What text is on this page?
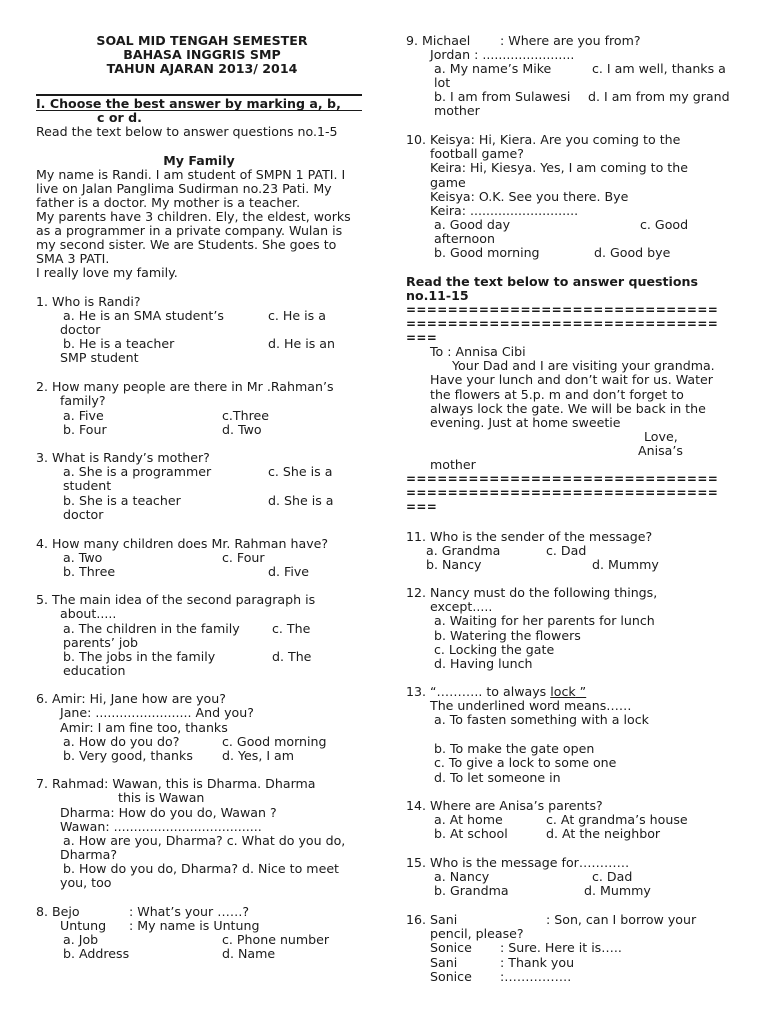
SOAL MID TENGAH SEMESTER
BAHASA INGGRIS SMP
TAHUN AJARAN 2013/ 2014
I. Choose the best answer by marking a, b,
c or d.
Read the text below to answer questions no.1-5
My Family
My name is Randi. I am student of SMPN 1 PATI. I
live on Jalan Panglima Sudirman no.23 Pati. My
father is a doctor. My mother is a teacher.
My parents have 3 children. Ely, the eldest, works
as a programmer in a private company. Wulan is
my second sister. We are Students. She goes to
SMA 3 PATI.
I really love my family.
1. Who is Randi?
a. He is an SMA student’s	c. He is a
doctor
b. He is a teacher	d. He is an
SMP student
2. How many people are there in Mr .Rahman’s
family?
a. Five	c.Three
b. Four	d. Two
3. What is Randy’s mother?
a. She is a programmer	c. She is a
student
b. She is a teacher	d. She is a
doctor
4. How many children does Mr. Rahman have?
a. Two	c. Four
b. Three	d. Five
5. The main idea of the second paragraph is
about.....
a. The children in the family	c. The
parents’ job
b. The jobs in the family	d. The
education
6. Amir: Hi, Jane how are you?
Jane: ........................ And you?
Amir: I am fine too, thanks
a. How do you do?	c. Good morning
b. Very good, thanks d. Yes, I am
7. Rahmad: Wawan, this is Dharma. Dharma
this is Wawan
Dharma: How do you do, Wawan ?
Wawan: .....................................
a. How are you, Dharma? c. What do you do,
Dharma?
b. How do you do, Dharma? d. Nice to meet
you, too
8. Bejo	: What’s your ……?
Untung : My name is Untung
a. Job	c. Phone number
b. Address	d. Name
9. Michael : Where are you from?
Jordan : .......................
a. My name’s Mike	c. I am well, thanks a
lot
b. I am from Sulawesi d. I am from my grand
mother
10. Keisya: Hi, Kiera. Are you coming to the
football game?
Keira: Hi, Kiesya. Yes, I am coming to the
game
Keisya: O.K. See you there. Bye
Keira: ...........................
a. Good day	c. Good
afternoon
b. Good morning	d. Good bye
Read the text below to answer questions
no.11-15
==============================
==============================
===
To : Annisa Cibi
Your Dad and I are visiting your grandma.
Have your lunch and don’t wait for us. Water
the flowers at 5.p. m and don’t forget to
always lock the gate. We will be back in the
evening. Just at home sweetie
Love,
Anisa’s
mother
==============================
==============================
===
11. Who is the sender of the message?
a. Grandma	c. Dad
b. Nancy	d. Mummy
12. Nancy must do the following things,
except.....
a. Waiting for her parents for lunch
b. Watering the flowers
c. Locking the gate
d. Having lunch
13. “……….. to always lock ”
The underlined word means……
a. To fasten something with a lock
b. To make the gate open
c. To give a lock to some one
d. To let someone in
14. Where are Anisa’s parents?
a. At home	c. At grandma’s house
b. At school	d. At the neighbor
15. Who is the message for…………
a. Nancy	c. Dad
b. Grandma	d. Mummy
16. Sani	: Son, can I borrow your
pencil, please?
Sonice : Sure. Here it is…..
Sani	: Thank you
Sonice :…………….
